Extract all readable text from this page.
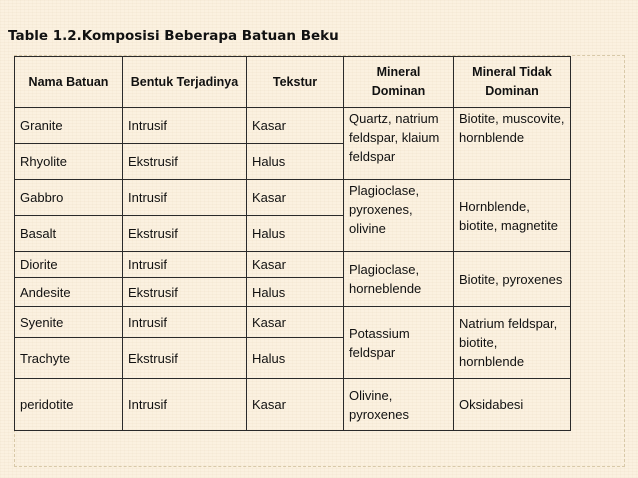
Table 1.2.Komposisi Beberapa Batuan Beku
Nama Batuan	Bentuk Terjadinya	Tekstur	Mineral Dominan	Mineral Tidak Dominan
Granite	Intrusif	Kasar	Quartz, natrium feldspar, klaium feldspar	Biotite, muscovite, hornblende
Rhyolite	Ekstrusif	Halus		
Gabbro	Intrusif	Kasar	Plagioclase, pyroxenes, olivine	Hornblende, biotite, magnetite
Basalt	Ekstrusif	Halus		
Diorite	Intrusif	Kasar	Plagioclase, horneblende	Biotite, pyroxenes
Andesite	Ekstrusif	Halus		
Syenite	Intrusif	Kasar	Potassium feldspar	Natrium feldspar, biotite, hornblende
Trachyte	Ekstrusif	Halus		
peridotite	Intrusif	Kasar	Olivine, pyroxenes	Oksidabesi
